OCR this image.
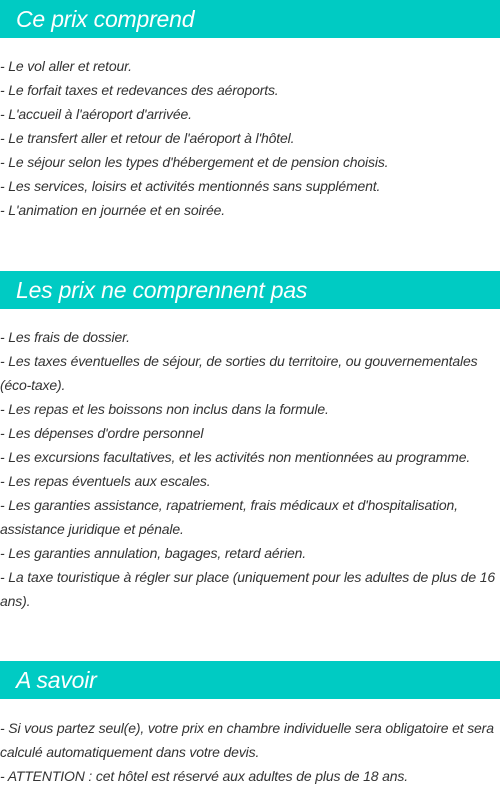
Ce prix comprend
- Le vol aller et retour.
- Le forfait taxes et redevances des aéroports.
- L'accueil à l'aéroport d'arrivée.
- Le transfert aller et retour de l'aéroport à l'hôtel.
- Le séjour selon les types d'hébergement et de pension choisis.
- Les services, loisirs et activités mentionnés sans supplément.
- L'animation en journée et en soirée.
Les prix ne comprennent pas
- Les frais de dossier.
- Les taxes éventuelles de séjour, de sorties du territoire, ou gouvernementales (éco-taxe).
- Les repas et les boissons non inclus dans la formule.
- Les dépenses d'ordre personnel
- Les excursions facultatives, et les activités non mentionnées au programme.
- Les repas éventuels aux escales.
- Les garanties assistance, rapatriement, frais médicaux et d'hospitalisation, assistance juridique et pénale.
- Les garanties annulation, bagages, retard aérien.
- La taxe touristique à régler sur place (uniquement pour les adultes de plus de 16 ans).
A savoir
- Si vous partez seul(e), votre prix en chambre individuelle sera obligatoire et sera calculé automatiquement dans votre devis.
- ATTENTION : cet hôtel est réservé aux adultes de plus de 18 ans.
